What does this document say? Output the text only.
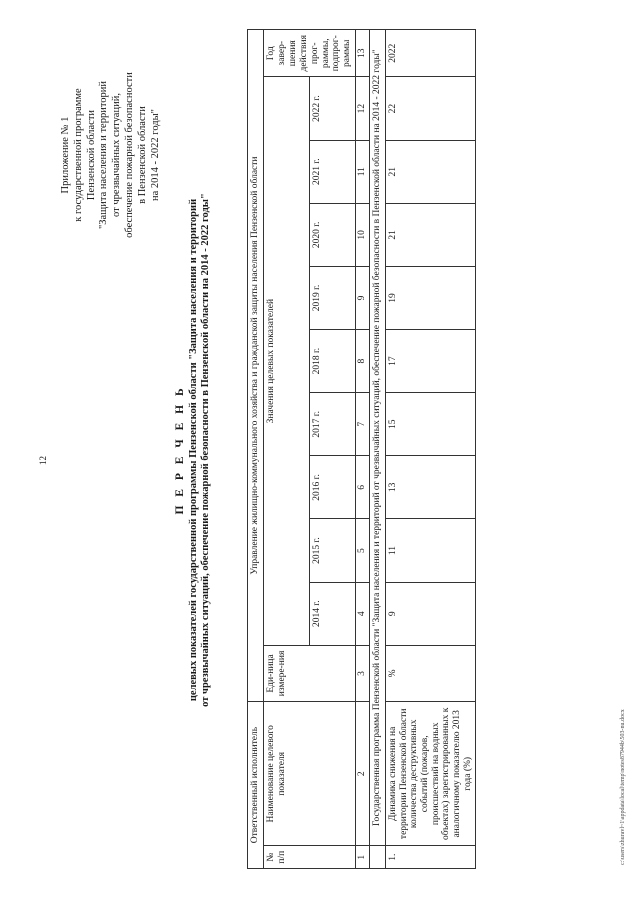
12
Приложение № 1 к государственной программе Пензенской области "Защита населения и территорий от чрезвычайных ситуаций, обеспечение пожарной безопасности в Пензенской области на 2014 - 2022 годы"
П Е Р Е Ч Е Н Ь целевых показателей государственной программы Пензенской области "Защита населения и территорий от чрезвычайных ситуаций, обеспечение пожарной безопасности в Пензенской области на 2014 - 2022 годы"
Ответственный исполнитель		Управление жилищно-коммунального хозяйства и гражданской защиты населения Пензенской области										
№ п/п	Наименование целевого показателя	Еди-ница измере-ния	Значения целевых показателей									Год завер-шения действия прог-раммы, подпрог-раммы
			2014 г.	2015 г.	2016 г.	2017 г.	2018 г.	2019 г.	2020 г.	2021 г.	2022 г.	
1	2	3	4	5	6	7	8	9	10	11	12	13
	Государственная программа Пензенской области "Защита населения и территорий от чрезвычайных ситуаций, обеспечение пожарной безопасности в Пензенской области на 2014 - 2022 годы"											
1.	Динамика снижения на территории Пензенской области количества деструктивных событий (пожаров, происшествий на водных объектах) зарегистрированных к аналогичному показателю 2013 года (%)	%	9	11	13	15	17	19	21	21	22	2022
c:\users\zhuravl~1\appdata\local\temp\notes87944b\503-nu.docx
